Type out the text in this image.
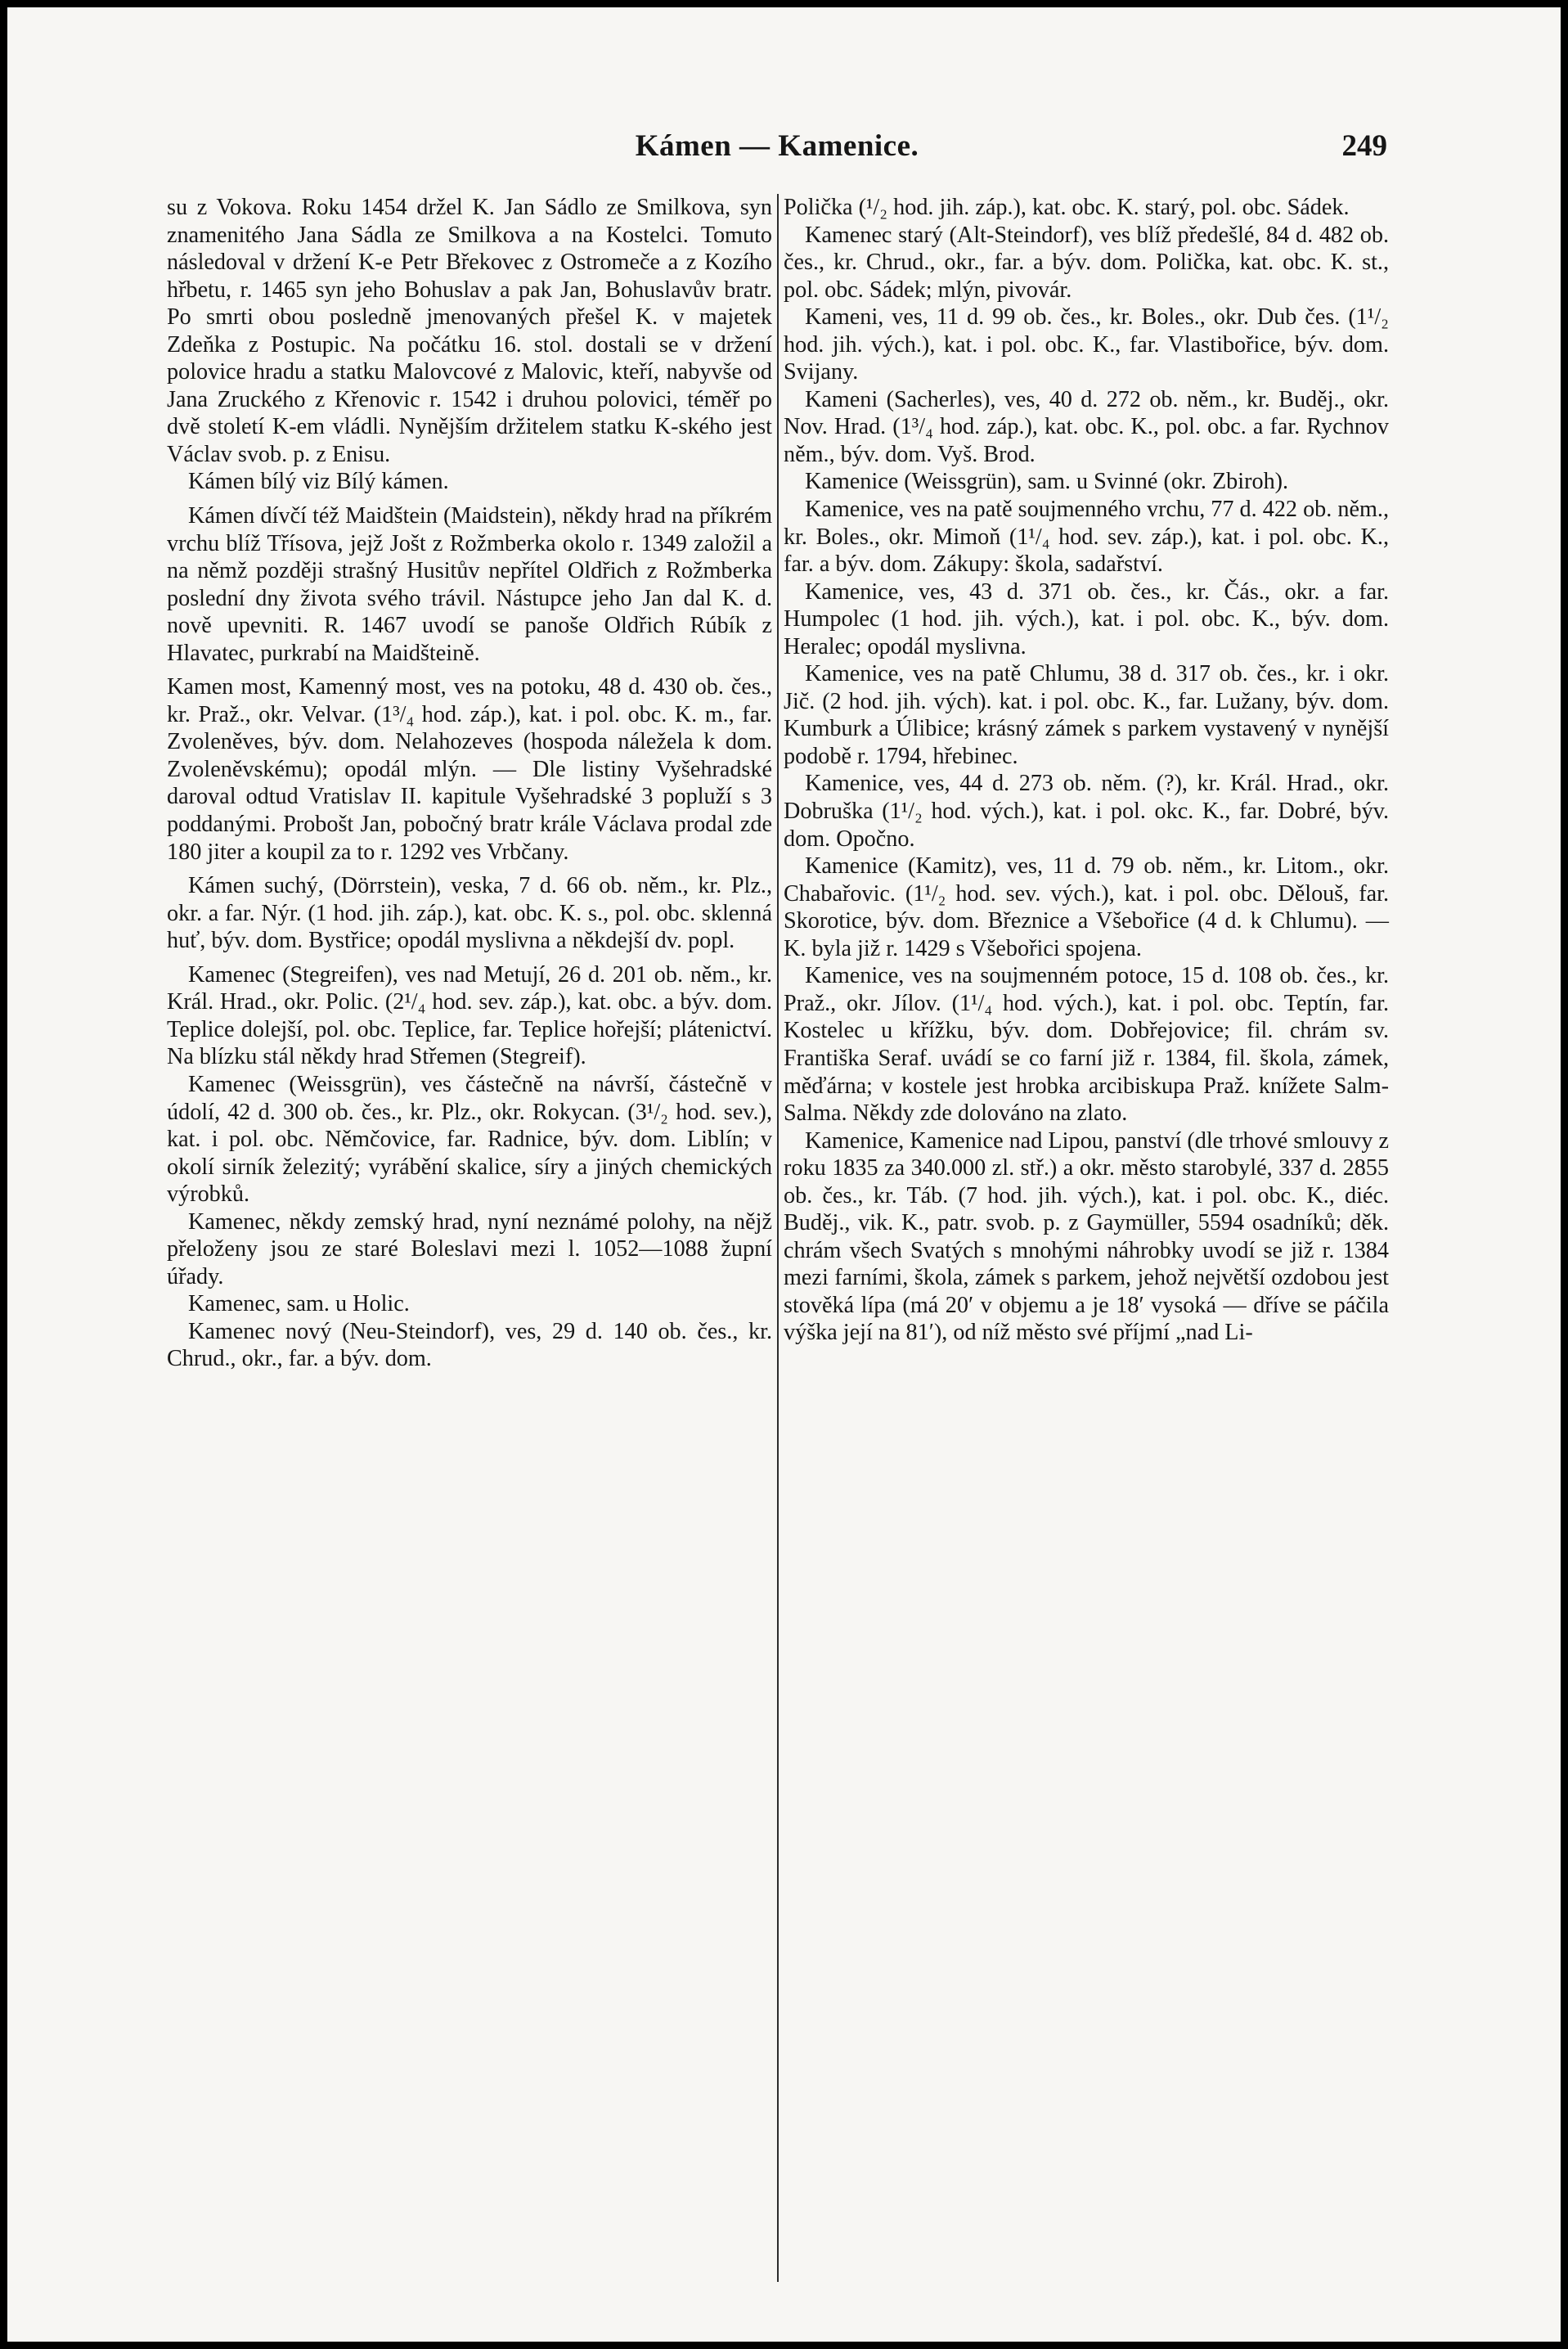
Kámen — Kamenice.	249

su z Vokova. Roku 1454 držel K. Jan Sádlo ze Smilkova, syn znamenitého Jana Sádla ze Smilkova a na Kostelci. Tomuto následoval v držení K-e Petr Břekovec z Ostromeče a z Kozího hřbetu, r. 1465 syn jeho Bohuslav a pak Jan, Bohuslavův bratr. Po smrti obou posledně jmenovaných přešel K. v majetek Zdeňka z Postupic. Na počátku 16. stol. dostali se v držení polovice hradu a statku Malovcové z Malovic, kteří, nabyvše od Jana Zruckého z Křenovic r. 1542 i druhou polovici, téměř po dvě století K-em vládli. Nynějším držitelem statku K-ského jest Václav svob. p. z Enisu.

Kámen bílý viz Bílý kámen.

Kámen dívčí též Maidštein (Maidstein), někdy hrad na příkrém vrchu blíž Třísova, jejž Jošt z Rožmberka okolo r. 1349 založil a na němž později strašný Husitův nepřítel Oldřich z Rožmberka poslední dny života svého trávil. Nástupce jeho Jan dal K. d. nově upevniti. R. 1467 uvodí se panoše Oldřich Rúbík z Hlavatec, purkrabí na Maidšteině.

Kamen most, Kamenný most, ves na potoku, 48 d. 430 ob. čes., kr. Praž., okr. Velvar. (1³/₄ hod. záp.), kat. i pol. obc. K. m., far. Zvoleněves, býv. dom. Nelahozeves (hospoda náležela k dom. Zvoleněvskému); opodál mlýn. — Dle listiny Vyšehradské daroval odtud Vratislav II. kapitule Vyšehradské 3 popluží s 3 poddanými. Probošt Jan, pobočný bratr krále Václava prodal zde 180 jiter a koupil za to r. 1292 ves Vrbčany.

Kámen suchý, (Dörrstein), veska, 7 d. 66 ob. něm., kr. Plz., okr. a far. Nýr. (1 hod. jih. záp.), kat. obc. K. s., pol. obc. sklenná huť, býv. dom. Bystřice; opodál myslivna a někdejší dv. popl.

Kamenec (Stegreifen), ves nad Metují, 26 d. 201 ob. něm., kr. Král. Hrad., okr. Polic. (2¹/₄ hod. sev. záp.), kat. obc. a býv. dom. Teplice dolejší, pol. obc. Teplice, far. Teplice hořejší; plátenictví. Na blízku stál někdy hrad Střemen (Stegreif).

Kamenec (Weissgrün), ves částečně na návrší, částečně v údolí, 42 d. 300 ob. čes., kr. Plz., okr. Rokycan. (3¹/₂ hod. sev.), kat. i pol. obc. Němčovice, far. Radnice, býv. dom. Liblín; v okolí sirník železitý; vyrábění skalice, síry a jiných chemických výrobků.

Kamenec, někdy zemský hrad, nyní neznámé polohy, na nějž přeloženy jsou ze staré Boleslavi mezi l. 1052—1088 župní úřady.

Kamenec, sam. u Holic.

Kamenec nový (Neu-Steindorf), ves, 29 d. 140 ob. čes., kr. Chrud., okr., far. a býv. dom.

Polička (¹/₂ hod. jih. záp.), kat. obc. K. starý, pol. obc. Sádek.

Kamenec starý (Alt-Steindorf), ves blíž předešlé, 84 d. 482 ob. čes., kr. Chrud., okr., far. a býv. dom. Polička, kat. obc. K. st., pol. obc. Sádek; mlýn, pivovár.

Kameni, ves, 11 d. 99 ob. čes., kr. Boles., okr. Dub čes. (1¹/₂ hod. jih. vých.), kat. i pol. obc. K., far. Vlastibořice, býv. dom. Svijany.

Kameni (Sacherles), ves, 40 d. 272 ob. něm., kr. Buděj., okr. Nov. Hrad. (1³/₄ hod. záp.), kat. obc. K., pol. obc. a far. Rychnov něm., býv. dom. Vyš. Brod.

Kamenice (Weissgrün), sam. u Svinné (okr. Zbiroh).

Kamenice, ves na patě soujmenného vrchu, 77 d. 422 ob. něm., kr. Boles., okr. Mimoň (1¹/₄ hod. sev. záp.), kat. i pol. obc. K., far. a býv. dom. Zákupy: škola, sadařství.

Kamenice, ves, 43 d. 371 ob. čes., kr. Čás., okr. a far. Humpolec (1 hod. jih. vých.), kat. i pol. obc. K., býv. dom. Heralec; opodál myslivna.

Kamenice, ves na patě Chlumu, 38 d. 317 ob. čes., kr. i okr. Jič. (2 hod. jih. vých). kat. i pol. obc. K., far. Lužany, býv. dom. Kumburk a Úlibice; krásný zámek s parkem vystavený v nynější podobě r. 1794, hřebinec.

Kamenice, ves, 44 d. 273 ob. něm. (?), kr. Král. Hrad., okr. Dobruška (1¹/₂ hod. vých.), kat. i pol. okc. K., far. Dobré, býv. dom. Opočno.

Kamenice (Kamitz), ves, 11 d. 79 ob. něm., kr. Litom., okr. Chabařovic. (1¹/₂ hod. sev. vých.), kat. i pol. obc. Dělouš, far. Skorotice, býv. dom. Březnice a Všebořice (4 d. k Chlumu). — K. byla již r. 1429 s Všebořici spojena.

Kamenice, ves na soujmenném potoce, 15 d. 108 ob. čes., kr. Praž., okr. Jílov. (1¹/₄ hod. vých.), kat. i pol. obc. Teptín, far. Kostelec u křížku, býv. dom. Dobřejovice; fil. chrám sv. Františka Seraf. uvádí se co farní již r. 1384, fil. škola, zámek, měďárna; v kostele jest hrobka arcibiskupa Praž. knížete Salm-Salma. Někdy zde dolováno na zlato.

Kamenice, Kamenice nad Lipou, panství (dle trhové smlouvy z roku 1835 za 340.000 zl. stř.) a okr. město starobylé, 337 d. 2855 ob. čes., kr. Táb. (7 hod. jih. vých.), kat. i pol. obc. K., diéc. Buděj., vik. K., patr. svob. p. z Gaymüller, 5594 osadníků; děk. chrám všech Svatých s mnohými náhrobky uvodí se již r. 1384 mezi farními, škola, zámek s parkem, jehož největší ozdobou jest stověká lípa (má 20′ v objemu a je 18′ vysoká — dříve se páčila výška její na 81′), od níž město své příjmí „nad Li-
